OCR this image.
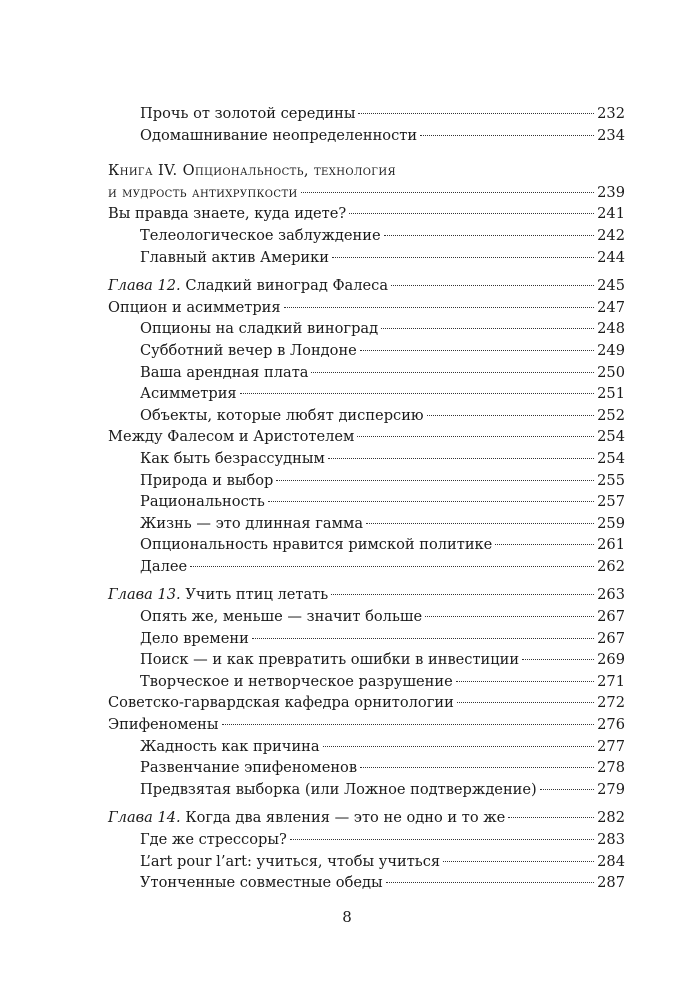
Прочь от золотой середины	232
Одомашнивание неопределенности	234
Книга IV. Опциональность, технология
и мудрость антихрупкости	239
Вы правда знаете, куда идете?	241
Телеологическое заблуждение	242
Главный актив Америки	244
Глава 12. Сладкий виноград Фалеса	245
Опцион и асимметрия	247
Опционы на сладкий виноград	248
Субботний вечер в Лондоне	249
Ваша арендная плата	250
Асимметрия	251
Объекты, которые любят дисперсию	252
Между Фалесом и Аристотелем	254
Как быть безрассудным	254
Природа и выбор	255
Рациональность	257
Жизнь — это длинная гамма	259
Опциональность нравится римской политике	261
Далее	262
Глава 13. Учить птиц летать	263
Опять же, меньше — значит больше	267
Дело времени	267
Поиск — и как превратить ошибки в инвестиции	269
Творческое и нетворческое разрушение	271
Советско-гарвардская кафедра орнитологии	272
Эпифеномены	276
Жадность как причина	277
Развенчание эпифеноменов	278
Предвзятая выборка (или Ложное подтверждение)	279
Глава 14. Когда два явления — это не одно и то же	282
Где же стрессоры?	283
L’art pour l’art: учиться, чтобы учиться	284
Утонченные совместные обеды	287
8
